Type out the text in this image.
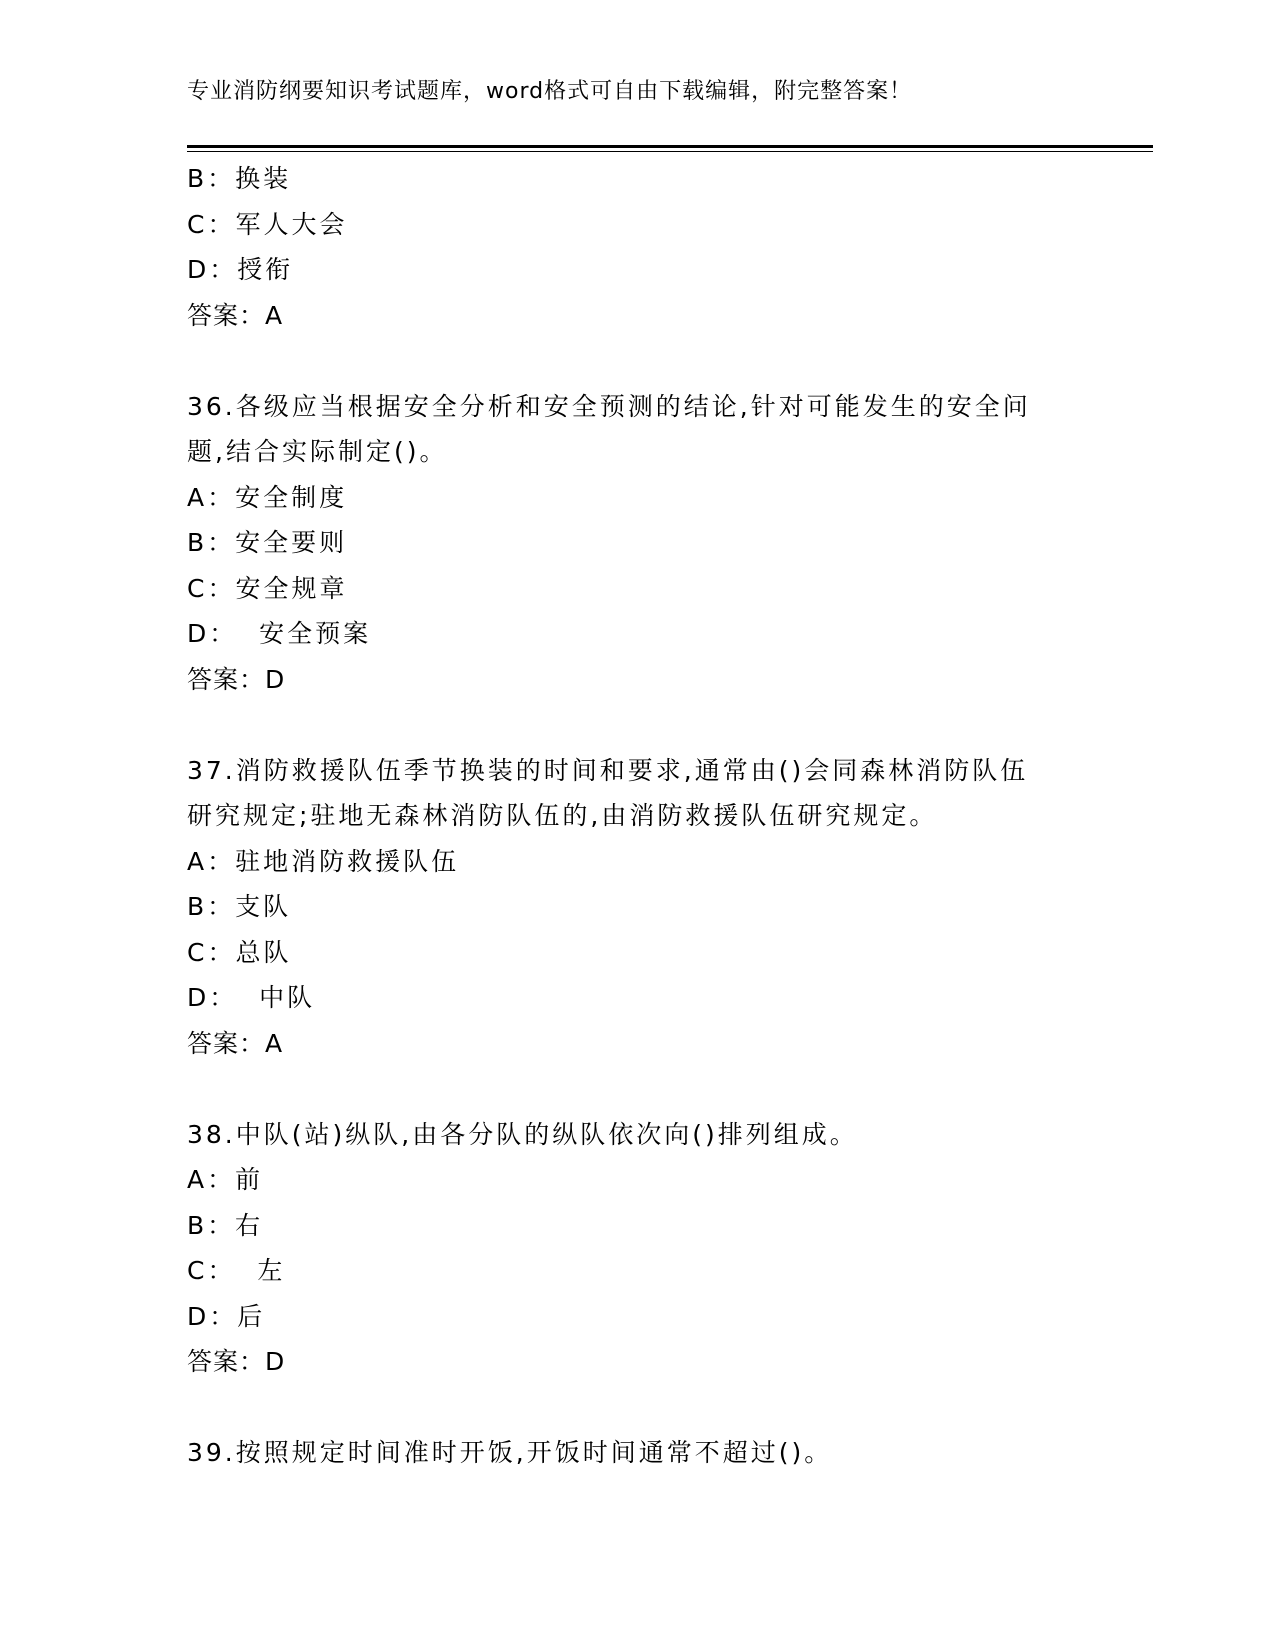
专业消防纲要知识考试题库，word格式可自由下载编辑，附完整答案！
B：换装
C：军人大会
D：授衔
答案：A
36.各级应当根据安全分析和安全预测的结论,针对可能发生的安全问
题,结合实际制定()。
A：安全制度
B：安全要则
C：安全规章
D：  安全预案
答案：D
37.消防救援队伍季节换装的时间和要求,通常由()会同森林消防队伍
研究规定;驻地无森林消防队伍的,由消防救援队伍研究规定。
A：驻地消防救援队伍
B：支队
C：总队
D：  中队
答案：A
38.中队(站)纵队,由各分队的纵队依次向()排列组成。
A：前
B：右
C：  左
D：后
答案：D
39.按照规定时间准时开饭,开饭时间通常不超过()。
